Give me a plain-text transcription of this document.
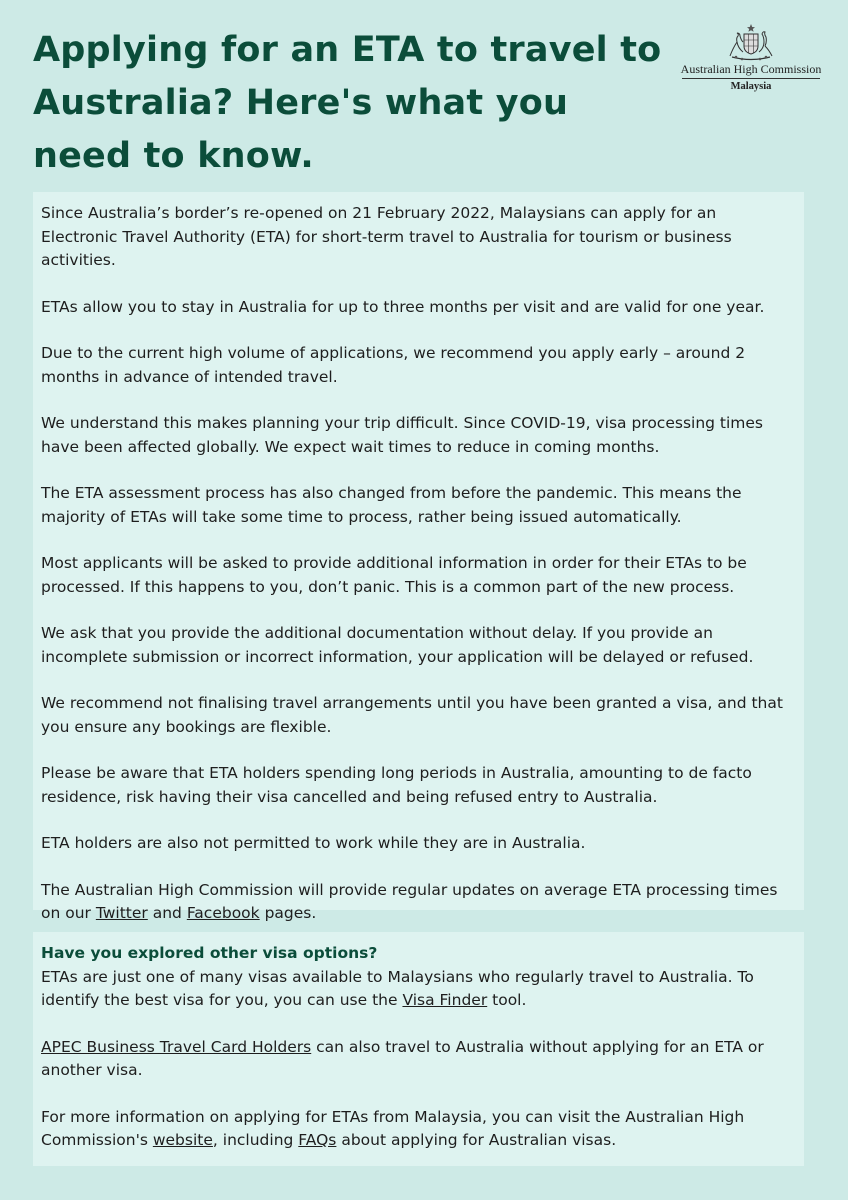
Applying for an ETA to travel to Australia? Here's what you need to know.
Australian High Commission
Malaysia

Since Australia’s border’s re-opened on 21 February 2022, Malaysians can apply for an Electronic Travel Authority (ETA) for short-term travel to Australia for tourism or business activities.

ETAs allow you to stay in Australia for up to three months per visit and are valid for one year.

Due to the current high volume of applications, we recommend you apply early – around 2 months in advance of intended travel.

We understand this makes planning your trip difficult. Since COVID-19, visa processing times have been affected globally. We expect wait times to reduce in coming months.

The ETA assessment process has also changed from before the pandemic. This means the majority of ETAs will take some time to process, rather being issued automatically.

Most applicants will be asked to provide additional information in order for their ETAs to be processed. If this happens to you, don’t panic. This is a common part of the new process.

We ask that you provide the additional documentation without delay. If you provide an incomplete submission or incorrect information, your application will be delayed or refused.

We recommend not finalising travel arrangements until you have been granted a visa, and that you ensure any bookings are flexible.

Please be aware that ETA holders spending long periods in Australia, amounting to de facto residence, risk having their visa cancelled and being refused entry to Australia.

ETA holders are also not permitted to work while they are in Australia.

The Australian High Commission will provide regular updates on average ETA processing times on our Twitter and Facebook pages.

Have you explored other visa options?

ETAs are just one of many visas available to Malaysians who regularly travel to Australia. To identify the best visa for you, you can use the Visa Finder tool.

APEC Business Travel Card Holders can also travel to Australia without applying for an ETA or another visa.

For more information on applying for ETAs from Malaysia, you can visit the Australian High Commission's website, including FAQs about applying for Australian visas.
